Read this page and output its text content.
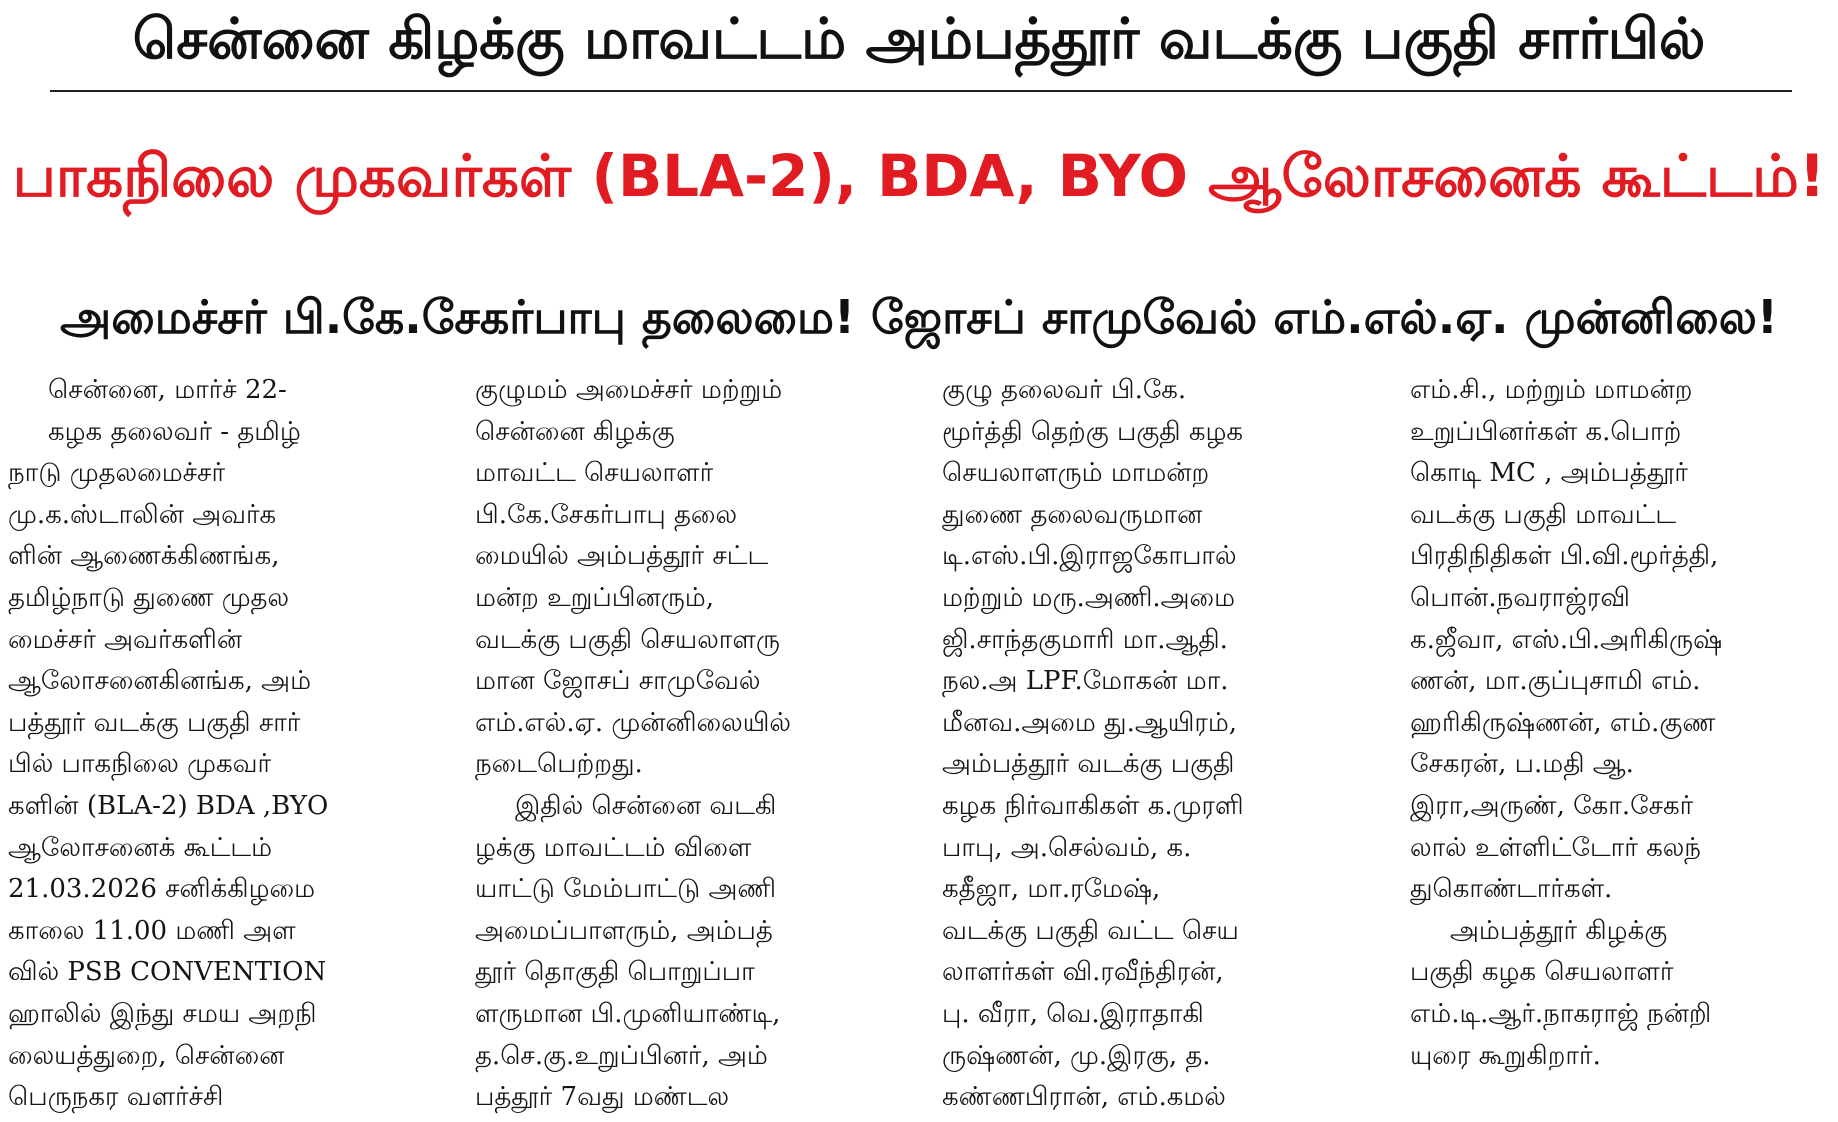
சென்னை கிழக்கு மாவட்டம் அம்பத்தூர் வடக்கு பகுதி சார்பில்
பாகநிலை முகவர்கள் (BLA-2), BDA, BYO ஆலோசனைக் கூட்டம்!
அமைச்சர் பி.கே.சேகர்பாபு தலைமை! ஜோசப் சாமுவேல் எம்.எல்.ஏ. முன்னிலை!
சென்னை, மார்ச் 22-
கழக தலைவர் - தமிழ்
நாடு முதலமைச்சர்
மு.க.ஸ்டாலின் அவர்க
ளின் ஆணைக்கிணங்க,
தமிழ்நாடு துணை முதல
மைச்சர் அவர்களின்
ஆலோசனைகினங்க, அம்
பத்தூர் வடக்கு பகுதி சார்
பில் பாகநிலை முகவர்
களின் (BLA-2) BDA ,BYO
ஆலோசனைக் கூட்டம்
21.03.2026 சனிக்கிழமை
காலை 11.00 மணி அள
வில் PSB CONVENTION
ஹாலில் இந்து சமய அறநி
லையத்துறை, சென்னை
பெருநகர வளர்ச்சி
குழுமம் அமைச்சர் மற்றும்
சென்னை கிழக்கு
மாவட்ட செயலாளர்
பி.கே.சேகர்பாபு தலை
மையில் அம்பத்தூர் சட்ட
மன்ற உறுப்பினரும்,
வடக்கு பகுதி செயலாளரு
மான ஜோசப் சாமுவேல்
எம்.எல்.ஏ. முன்னிலையில்
நடைபெற்றது.
இதில் சென்னை வடகி
ழக்கு மாவட்டம் விளை
யாட்டு மேம்பாட்டு அணி
அமைப்பாளரும், அம்பத்
தூர் தொகுதி பொறுப்பா
ளருமான பி.முனியாண்டி,
த.செ.கு.உறுப்பினர், அம்
பத்தூர் 7வது மண்டல
குழு தலைவர் பி.கே.
மூர்த்தி தெற்கு பகுதி கழக
செயலாளரும் மாமன்ற
துணை தலைவருமான
டி.எஸ்.பி.இராஜகோபால்
மற்றும் மரு.அணி.அமை
ஜி.சாந்தகுமாரி மா.ஆதி.
நல.அ LPF.மோகன் மா.
மீனவ.அமை து.ஆயிரம்,
அம்பத்தூர் வடக்கு பகுதி
கழக நிர்வாகிகள் க.முரளி
பாபு, அ.செல்வம், க.
கதீஜா, மா.ரமேஷ்,
வடக்கு பகுதி வட்ட செய
லாளர்கள் வி.ரவீந்திரன்,
பு. வீரா, வெ.இராதாகி
ருஷ்ணன், மு.இரகு, த.
கண்ணபிரான், எம்.கமல்
எம்.சி., மற்றும் மாமன்ற
உறுப்பினர்கள் க.பொற்
கொடி MC , அம்பத்தூர்
வடக்கு பகுதி மாவட்ட
பிரதிநிதிகள் பி.வி.மூர்த்தி,
பொன்.நவராஜ்ரவி
க.ஜீவா, எஸ்.பி.அரிகிருஷ்
ணன், மா.குப்புசாமி எம்.
ஹரிகிருஷ்ணன், எம்.குண
சேகரன், ப.மதி ஆ.
இரா,அருண், கோ.சேகர்
லால் உள்ளிட்டோர் கலந்
துகொண்டார்கள்.
அம்பத்தூர் கிழக்கு
பகுதி கழக செயலாளர்
எம்.டி.ஆர்.நாகராஜ் நன்றி
யுரை கூறுகிறார்.
